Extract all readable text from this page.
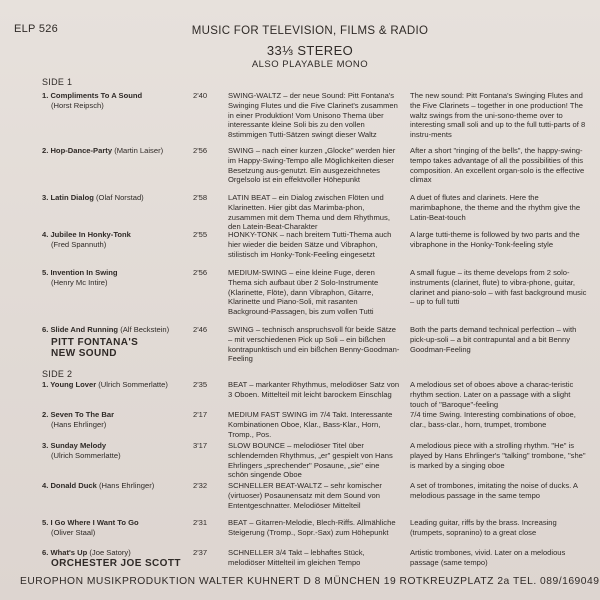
ELP 526	MUSIC FOR TELEVISION, FILMS & RADIO
33⅓ STEREO
ALSO PLAYABLE MONO
SIDE 1
1. Compliments To A Sound
(Horst Reipsch)
2'40	SWING-WALTZ – der neue Sound: Pitt Fontana's Swinging Flutes und die Five Clarinet's zusammen in einer Produktion! Vom Unisono Thema über interessante kleine Soli bis zu den vollen 8stimmigen Tutti-Sätzen swingt dieser Waltz
The new sound: Pitt Fontana's Swinging Flutes and the Five Clarinets – together in one production! The waltz swings from the uni-sono-theme over to interesting small soli and up to the full tutti-parts of 8 instru-ments
2. Hop-Dance-Party (Martin Laiser)	2'56	SWING – nach einer kurzen „Glocke" werden hier im Happy-Swing-Tempo alle Möglichkeiten dieser Besetzung aus-genutzt. Ein ausgezeichnetes Orgelsolo ist ein effektvoller Höhepunkt
After a short "ringing of the bells", the happy-swing-tempo takes advantage of all the possibilities of this composition. An excellent organ-solo is the effective climax
3. Latin Dialog (Olaf Norstad)	2'58	LATIN BEAT – ein Dialog zwischen Flöten und Klarinetten. Hier gibt das Marimba-phon, zusammen mit dem Thema und dem Rhythmus, den Latein-Beat-Charakter
A duet of flutes and clarinets. Here the marimbaphone, the theme and the rhythm give the Latin-Beat-touch
4. Jubilee In Honky-Tonk
(Fred Spannuth)
2'55	HONKY-TONK – nach breitem Tutti-Thema auch hier wieder die beiden Sätze und Vibraphon, stilistisch im Honky-Tonk-Feeling eingesetzt
A large tutti-theme is followed by two parts and the vibraphone in the Honky-Tonk-feeling style
5. Invention In Swing
(Henry Mc Intire)
2'56	MEDIUM-SWING – eine kleine Fuge, deren Thema sich aufbaut über 2 Solo-Instrumente (Klarinette, Flöte), dann Vibraphon, Gitarre, Klarinette und Piano-Soli, mit rasanten Background-Passagen, bis zum vollen Tutti
A small fugue – its theme develops from 2 solo-instruments (clarinet, flute) to vibra-phone, guitar, clarinet and piano-solo – with fast background music – up to full tutti
6. Slide And Running (Alf Beckstein)	2'46	SWING – technisch anspruchsvoll für beide Sätze – mit verschiedenen Pick up Soli – ein bißchen kontrapunktisch und ein bißchen Benny-Goodman-Feeling
Both the parts demand technical perfection – with pick-up-soli – a bit contrapuntal and a bit Benny Goodman-Feeling
PITT FONTANA'S
NEW SOUND
SIDE 2
1. Young Lover (Ulrich Sommerlatte)	2'35	BEAT – markanter Rhythmus, melodiöser Satz von 3 Oboen. Mittelteil mit leicht barockem Einschlag
A melodious set of oboes above a charac-teristic rhythm section. Later on a passage with a slight touch of "Baroque"-feeling
2. Seven To The Bar
(Hans Ehrlinger)
2'17	MEDIUM FAST SWING im 7/4 Takt. Interessante Kombinationen Oboe, Klar., Bass-Klar., Horn, Tromp., Pos.
7/4 time Swing. Interesting combinations of oboe, clar., bass-clar., horn, trumpet, trombone
3. Sunday Melody
(Ulrich Sommerlatte)
3'17	SLOW BOUNCE – melodiöser Titel über schlendernden Rhythmus, „er" gespielt von Hans Ehrlingers „sprechender" Posaune, „sie" eine schön singende Oboe
A melodious piece with a strolling rhythm. "He" is played by Hans Ehrlinger's "talking" trombone, "she" is marked by a singing oboe
4. Donald Duck (Hans Ehrlinger)	2'32	SCHNELLER BEAT-WALTZ – sehr komischer (virtuoser) Posaunensatz mit dem Sound von Ententgeschnatter. Melodiöser Mittelteil
A set of trombones, imitating the noise of ducks. A melodious passage in the same tempo
5. I Go Where I Want To Go
(Oliver Staal)
2'31	BEAT – Gitarren-Melodie, Blech-Riffs. Allmähliche Steigerung (Tromp., Sopr.-Sax) zum Höhepunkt
Leading guitar, riffs by the brass. Increasing (trumpets, sopranino) to a great close
6. What's Up (Joe Satory)	2'37	SCHNELLER 3/4 Takt – lebhaftes Stück, melodiöser Mittelteil im gleichen Tempo
Artistic trombones, vivid. Later on a melodious passage (same tempo)
ORCHESTER JOE SCOTT
EUROPHON MUSIKPRODUKTION WALTER KUHNERT D 8 MÜNCHEN 19 ROTKREUZPLATZ 2a TEL. 089/169049
